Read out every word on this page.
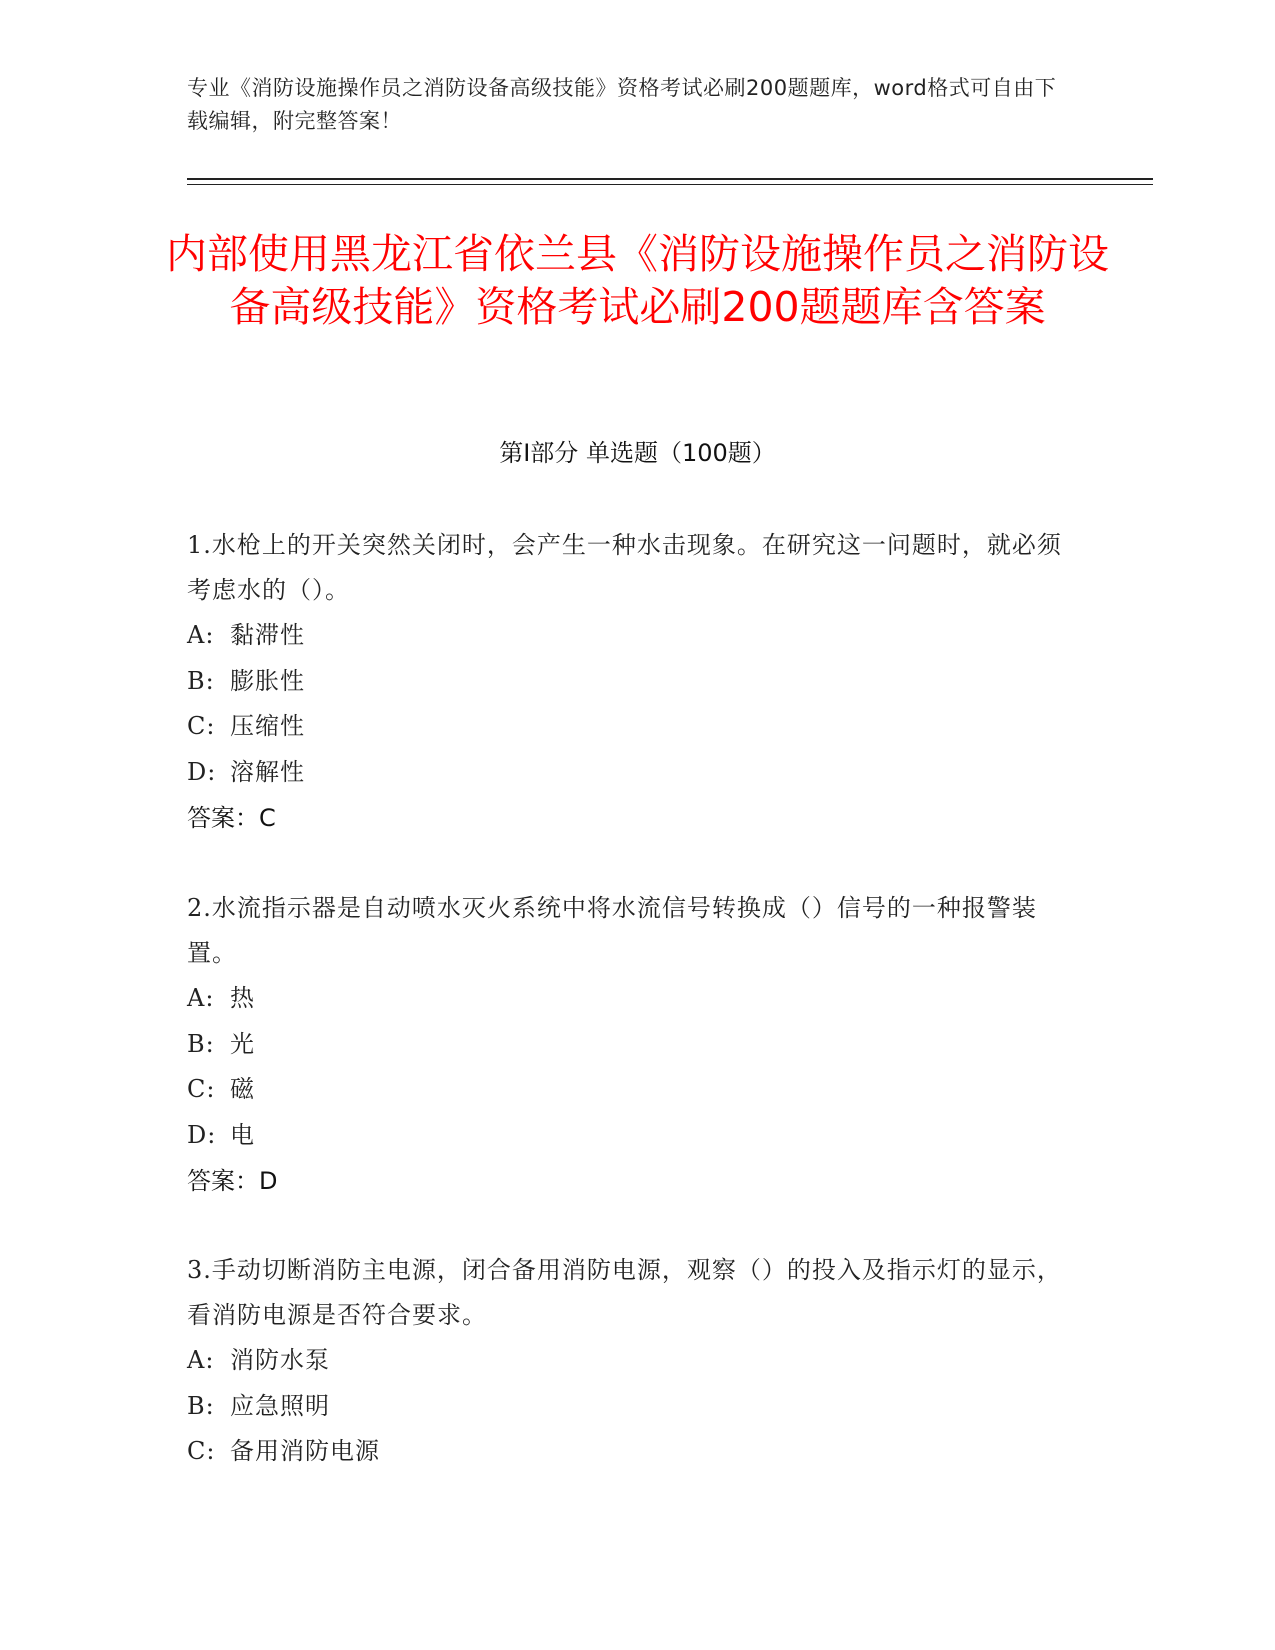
专业《消防设施操作员之消防设备高级技能》资格考试必刷200题题库，word格式可自由下载编辑，附完整答案！
内部使用黑龙江省依兰县《消防设施操作员之消防设备高级技能》资格考试必刷200题题库含答案
第Ⅰ部分 单选题（100题）
1.水枪上的开关突然关闭时，会产生一种水击现象。在研究这一问题时，就必须考虑水的（）。
A: 黏滞性
B: 膨胀性
C: 压缩性
D: 溶解性
答案：C
2.水流指示器是自动喷水灭火系统中将水流信号转换成（）信号的一种报警装置。
A: 热
B: 光
C: 磁
D: 电
答案：D
3.手动切断消防主电源，闭合备用消防电源，观察（）的投入及指示灯的显示，看消防电源是否符合要求。
A: 消防水泵
B: 应急照明
C: 备用消防电源
